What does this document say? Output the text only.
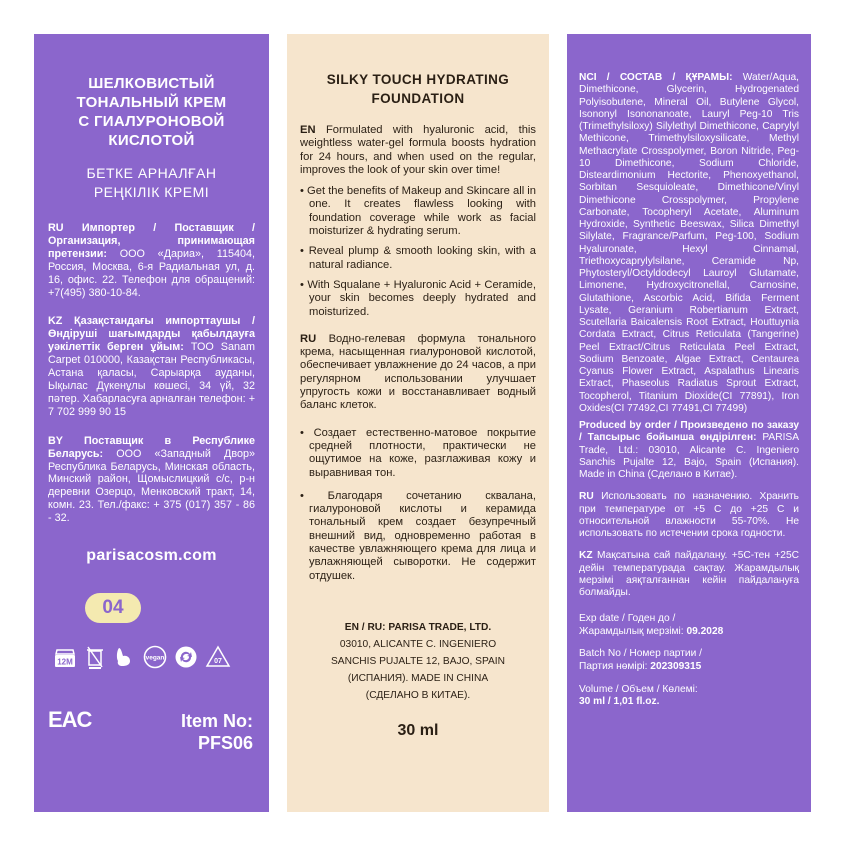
ШЕЛКОВИСТЫЙ
ТОНАЛЬНЫЙ КРЕМ
С ГИАЛУРОНОВОЙ
КИСЛОТОЙ

БЕТКЕ АРНАЛҒАН
РЕҢКІЛІК КРЕМІ

RU Импортер / Поставщик / Организация, принимающая претензии: ООО «Дариа», 115404, Россия, Москва, 6-я Радиальная ул, д. 16, офис. 22. Телефон для обращений: +7(495) 380-10-84.

KZ Қазақстандағы импорттаушы / Өндіруші шағымдарды қабылдауға уәкілеттік берген ұйым: ТОО Sanam Carpet 010000, Казақстан Республикасы, Астана қаласы, Сарыарқа ауданы, Ықылас Дүкенұлы көшесі, 34 үй, 32 пәтер. Хабарласуға арналған телефон: + 7 702 999 90 15

BY Поставщик в Республике Беларусь: ООО «Западный Двор» Республика Беларусь, Минская область, Минский район, Щомыслицкий с/с, р-н деревни Озерцо, Менковский тракт, 14, комн. 23. Тел./факс: + 375 (017) 357 - 86 - 32.

parisacosm.com
04
12M	vegan	07
EAC	Item No:
PFS06

SILKY TOUCH HYDRATING
FOUNDATION

EN Formulated with hyaluronic acid, this weightless water-gel formula boosts hydration for 24 hours, and when used on the regular, improves the look of your skin over time!

• Get the benefits of Makeup and Skincare all in one. It creates flawless looking with foundation coverage while work as facial moisturizer & hydrating serum.

• Reveal plump & smooth looking skin, with a natural radiance.

• With Squalane + Hyaluronic Acid + Ceramide, your skin becomes deeply hydrated and moisturized.

RU Водно-гелевая формула тонального крема, насыщенная гиалуроновой кислотой, обеспечивает увлажнение до 24 часов, а при регулярном использовании улучшает упругость кожи и восстанавливает водный баланс клеток.

• Создает естественно-матовое покрытие средней плотности, практически не ощутимое на коже, разглаживая кожу и выравнивая тон.

• Благодаря сочетанию сквалана, гиалуроновой кислоты и керамида тональный крем создает безупречный внешний вид, одновременно работая в качестве увлажняющего крема для лица и увлажняющей сыворотки. Не содержит отдушек.

EN / RU: PARISA TRADE, LTD.
03010, ALICANTE C. INGENIERO
SANCHIS PUJALTE 12, BAJO, SPAIN
(ИСПАНИЯ). MADE IN CHINA
(СДЕЛАНО В КИТАЕ).
30 ml

NCI / СОСТАВ / ҚҰРАМЫ: Water/Aqua, Dimethicone, Glycerin, Hydrogenated Polyisobutene, Mineral Oil, Butylene Glycol, Isononyl Isononanoate, Lauryl Peg-10 Tris (Trimethylsiloxy) Silylethyl Dimethicone, Caprylyl Methicone, Trimethylsiloxysilicate, Methyl Methacrylate Crosspolymer, Boron Nitride, Peg-10 Dimethicone, Sodium Chloride, Disteardimonium Hectorite, Phenoxyethanol, Sorbitan Sesquioleate, Dimethicone/Vinyl Dimethicone Crosspolymer, Propylene Carbonate, Tocopheryl Acetate, Aluminum Hydroxide, Synthetic Beeswax, Silica Dimethyl Silylate, Fragrance/Parfum, Peg-100, Sodium Hyaluronate, Hexyl Cinnamal, Triethoxycaprylylsilane, Ceramide Np, Phytosteryl/Octyldodecyl Lauroyl Glutamate, Limonene, Hydroxycitronellal, Carnosine, Glutathione, Ascorbic Acid, Bifida Ferment Lysate, Geranium Robertianum Extract, Scutellaria Baicalensis Root Extract, Houttuynia Cordata Extract, Citrus Reticulata (Tangerine) Peel Extract/Citrus Reticulata Peel Extract, Sodium Benzoate, Algae Extract, Centaurea Cyanus Flower Extract, Aspalathus Linearis Extract, Phaseolus Radiatus Sprout Extract, Tocopherol, Titanium Dioxide(CI 77891), Iron Oxides(CI 77492,CI 77491,CI 77499)

Produced by order / Произведено по заказу / Тапсырыс бойынша өндірілген: PARISA Trade, Ltd.: 03010, Alicante C. Ingeniero Sanchis Pujalte 12, Bajo, Spain (Испания). Made in China (Сделано в Китае).

RU Использовать по назначению. Хранить при температуре от +5 С до +25 С и относительной влажности 55-70%. Не использовать по истечении срока годности.

KZ Мақсатына сай пайдалану. +5С-тен +25С дейін температурада сақтау. Жарамдылық мерзімі аяқталғаннан кейін пайдалануға болмайды.

Exp date / Годен до /
Жарамдылық мерзімі: 09.2028

Batch No / Номер партии /
Партия нөмірі: 202309315

Volume / Объем / Көлемі:
30 ml / 1,01 fl.oz.
